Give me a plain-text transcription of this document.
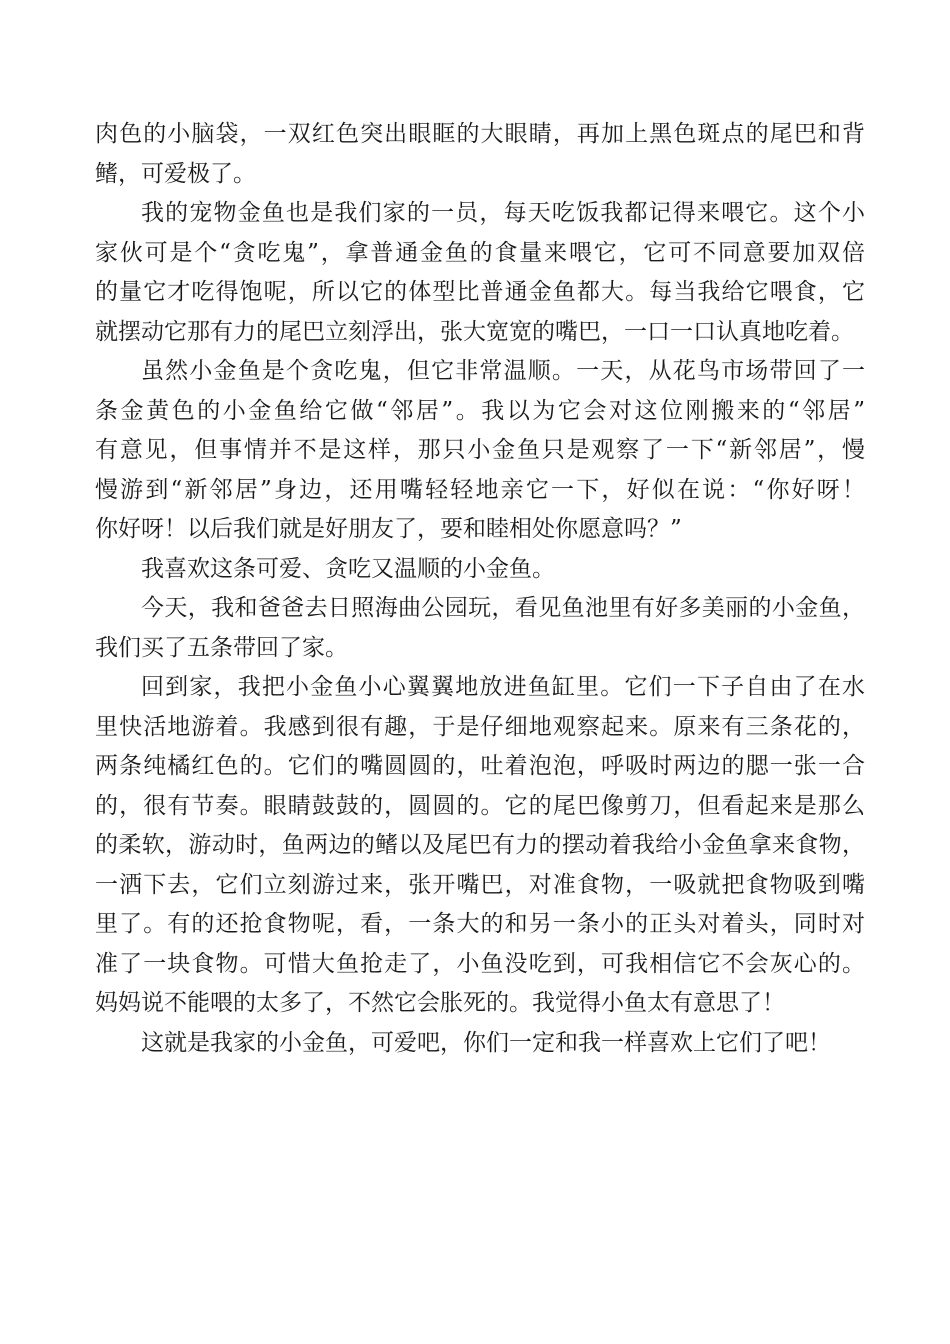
肉色的小脑袋，一双红色突出眼眶的大眼睛，再加上黑色斑点的尾巴和背
鳍，可爱极了。
我的宠物金鱼也是我们家的一员，每天吃饭我都记得来喂它。这个小
家伙可是个“贪吃鬼”，拿普通金鱼的食量来喂它，它可不同意要加双倍
的量它才吃得饱呢，所以它的体型比普通金鱼都大。每当我给它喂食，它
就摆动它那有力的尾巴立刻浮出，张大宽宽的嘴巴，一口一口认真地吃着。
虽然小金鱼是个贪吃鬼，但它非常温顺。一天，从花鸟市场带回了一
条金黄色的小金鱼给它做“邻居”。我以为它会对这位刚搬来的“邻居”
有意见，但事情并不是这样，那只小金鱼只是观察了一下“新邻居”，慢
慢游到“新邻居”身边，还用嘴轻轻地亲它一下，好似在说：“你好呀！
你好呀！以后我们就是好朋友了，要和睦相处你愿意吗？”
我喜欢这条可爱、贪吃又温顺的小金鱼。
今天，我和爸爸去日照海曲公园玩，看见鱼池里有好多美丽的小金鱼，
我们买了五条带回了家。
回到家，我把小金鱼小心翼翼地放进鱼缸里。它们一下子自由了在水
里快活地游着。我感到很有趣，于是仔细地观察起来。原来有三条花的，
两条纯橘红色的。它们的嘴圆圆的，吐着泡泡，呼吸时两边的腮一张一合
的，很有节奏。眼睛鼓鼓的，圆圆的。它的尾巴像剪刀，但看起来是那么
的柔软，游动时，鱼两边的鳍以及尾巴有力的摆动着我给小金鱼拿来食物，
一洒下去，它们立刻游过来，张开嘴巴，对准食物，一吸就把食物吸到嘴
里了。有的还抢食物呢，看，一条大的和另一条小的正头对着头，同时对
准了一块食物。可惜大鱼抢走了，小鱼没吃到，可我相信它不会灰心的。
妈妈说不能喂的太多了，不然它会胀死的。我觉得小鱼太有意思了！
这就是我家的小金鱼，可爱吧，你们一定和我一样喜欢上它们了吧！
